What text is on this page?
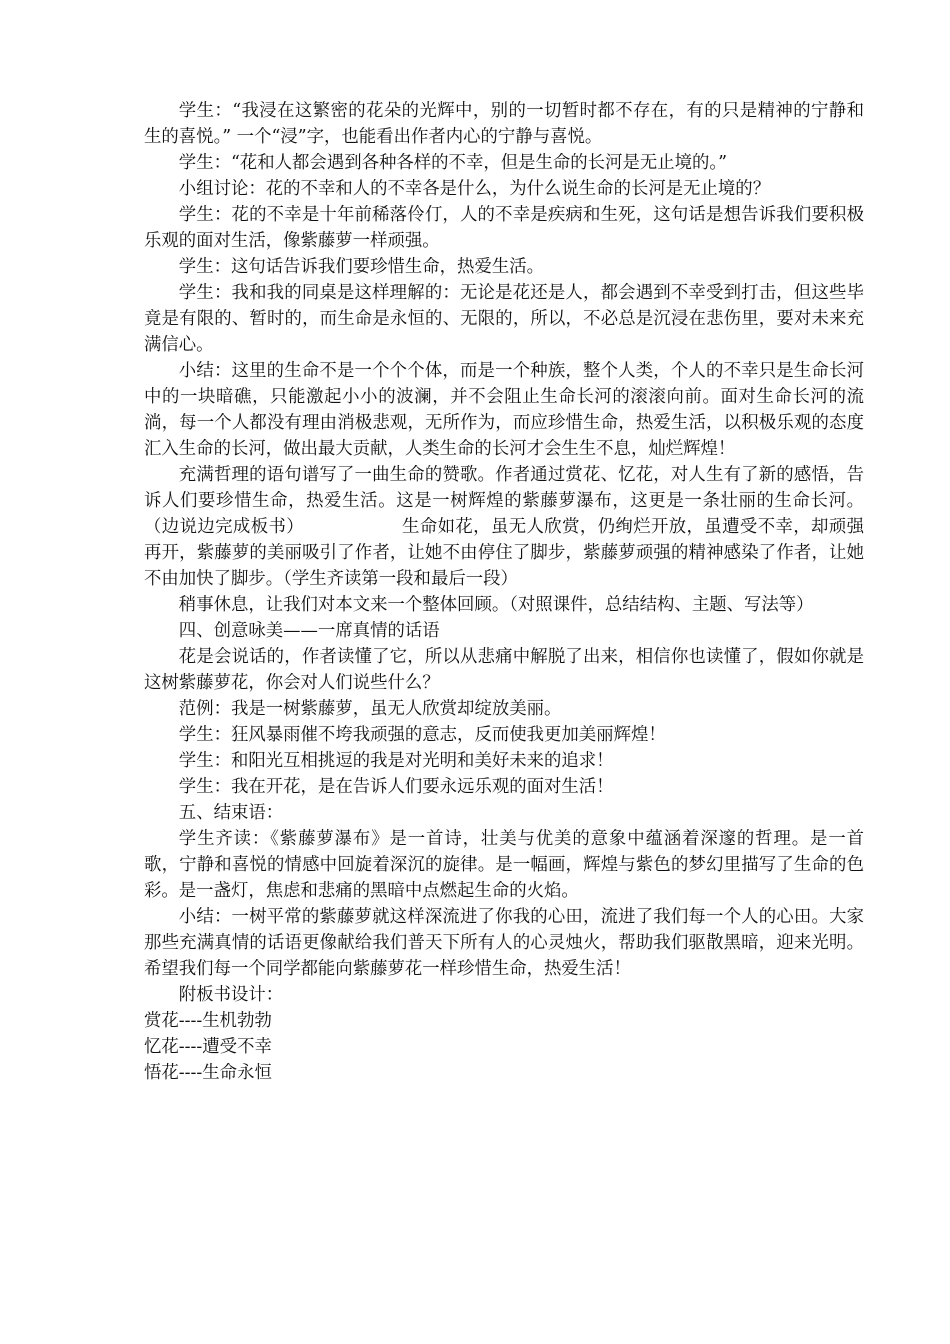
学生：“我浸在这繁密的花朵的光辉中，别的一切暂时都不存在，有的只是精神的宁静和生的喜悦。” 一个“浸”字，也能看出作者内心的宁静与喜悦。

学生：“花和人都会遇到各种各样的不幸，但是生命的长河是无止境的。”

小组讨论：花的不幸和人的不幸各是什么，为什么说生命的长河是无止境的？

学生：花的不幸是十年前稀落伶仃，人的不幸是疾病和生死，这句话是想告诉我们要积极乐观的面对生活，像紫藤萝一样顽强。

学生：这句话告诉我们要珍惜生命，热爱生活。

学生：我和我的同桌是这样理解的：无论是花还是人，都会遇到不幸受到打击，但这些毕竟是有限的、暂时的，而生命是永恒的、无限的，所以，不必总是沉浸在悲伤里，要对未来充满信心。

小结：这里的生命不是一个个个体，而是一个种族，整个人类，个人的不幸只是生命长河中的一块暗礁，只能激起小小的波澜，并不会阻止生命长河的滚滚向前。面对生命长河的流淌，每一个人都没有理由消极悲观，无所作为，而应珍惜生命，热爱生活，以积极乐观的态度汇入生命的长河，做出最大贡献，人类生命的长河才会生生不息，灿烂辉煌！

充满哲理的语句谱写了一曲生命的赞歌。作者通过赏花、忆花，对人生有了新的感悟，告诉人们要珍惜生命，热爱生活。这是一树辉煌的紫藤萝瀑布，这更是一条壮丽的生命长河。（边说边完成板书）　　　　　　生命如花，虽无人欣赏，仍绚烂开放，虽遭受不幸，却顽强再开，紫藤萝的美丽吸引了作者，让她不由停住了脚步，紫藤萝顽强的精神感染了作者，让她不由加快了脚步。（学生齐读第一段和最后一段）

稍事休息，让我们对本文来一个整体回顾。（对照课件，总结结构、主题、写法等）

四、创意咏美——一席真情的话语

花是会说话的，作者读懂了它，所以从悲痛中解脱了出来，相信你也读懂了，假如你就是这树紫藤萝花，你会对人们说些什么？

范例：我是一树紫藤萝，虽无人欣赏却绽放美丽。

学生：狂风暴雨催不垮我顽强的意志，反而使我更加美丽辉煌！

学生：和阳光互相挑逗的我是对光明和美好未来的追求！

学生：我在开花，是在告诉人们要永远乐观的面对生活！

五、结束语：

学生齐读：《紫藤萝瀑布》是一首诗，壮美与优美的意象中蕴涵着深邃的哲理。是一首歌，宁静和喜悦的情感中回旋着深沉的旋律。是一幅画，辉煌与紫色的梦幻里描写了生命的色彩。是一盏灯，焦虑和悲痛的黑暗中点燃起生命的火焰。

小结：一树平常的紫藤萝就这样深流进了你我的心田，流进了我们每一个人的心田。大家那些充满真情的话语更像献给我们普天下所有人的心灵烛火，帮助我们驱散黑暗，迎来光明。希望我们每一个同学都能向紫藤萝花一样珍惜生命，热爱生活！

附板书设计：

赏花----生机勃勃

忆花----遭受不幸

悟花----生命永恒
